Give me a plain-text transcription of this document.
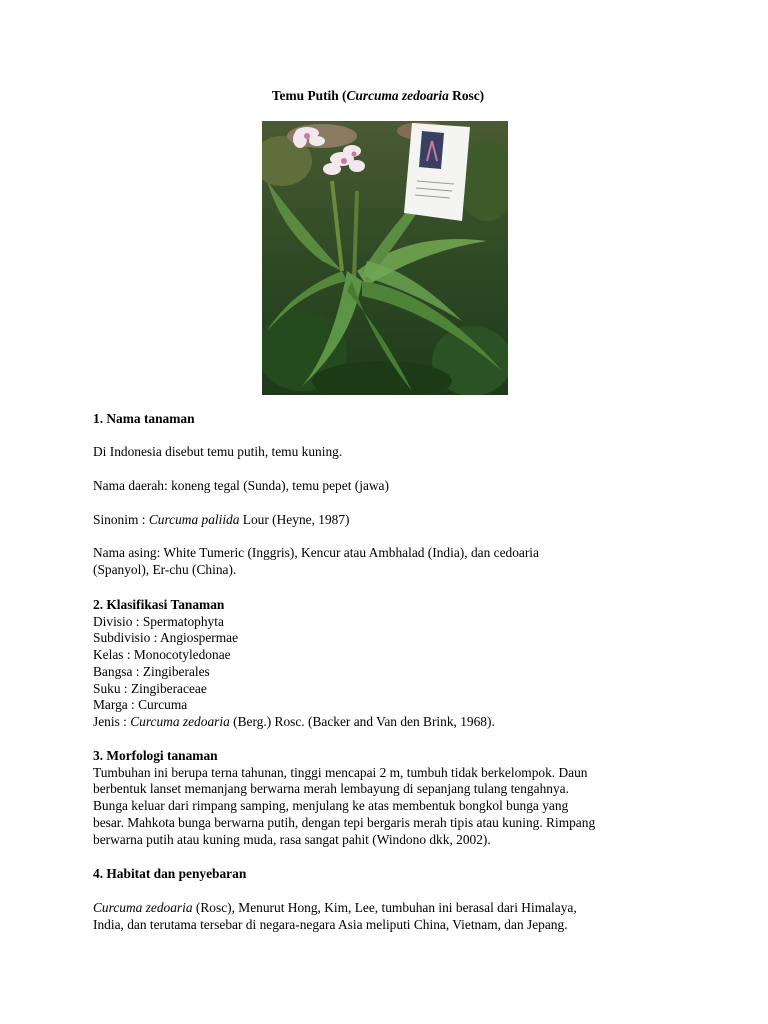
Temu Putih (Curcuma zedoaria Rosc)

1. Nama tanaman

Di Indonesia disebut temu putih, temu kuning.

Nama daerah: koneng tegal (Sunda), temu pepet (jawa)

Sinonim : Curcuma paliida Lour (Heyne, 1987)

Nama asing: White Tumeric (Inggris), Kencur atau Ambhalad (India), dan cedoaria
(Spanyol), Er-chu (China).

2. Klasifikasi Tanaman
Divisio : Spermatophyta
Subdivisio : Angiospermae
Kelas : Monocotyledonae
Bangsa : Zingiberales
Suku : Zingiberaceae
Marga : Curcuma
Jenis : Curcuma zedoaria (Berg.) Rosc. (Backer and Van den Brink, 1968).
3. Morfologi tanaman
Tumbuhan ini berupa terna tahunan, tinggi mencapai 2 m, tumbuh tidak berkelompok. Daun
berbentuk lanset memanjang berwarna merah lembayung di sepanjang tulang tengahnya.
Bunga keluar dari rimpang samping, menjulang ke atas membentuk bongkol bunga yang
besar. Mahkota bunga berwarna putih, dengan tepi bergaris merah tipis atau kuning. Rimpang
berwarna putih atau kuning muda, rasa sangat pahit (Windono dkk, 2002).

4. Habitat dan penyebaran

Curcuma zedoaria (Rosc), Menurut Hong, Kim, Lee, tumbuhan ini berasal dari Himalaya,
India, dan terutama tersebar di negara-negara Asia meliputi China, Vietnam, dan Jepang.
